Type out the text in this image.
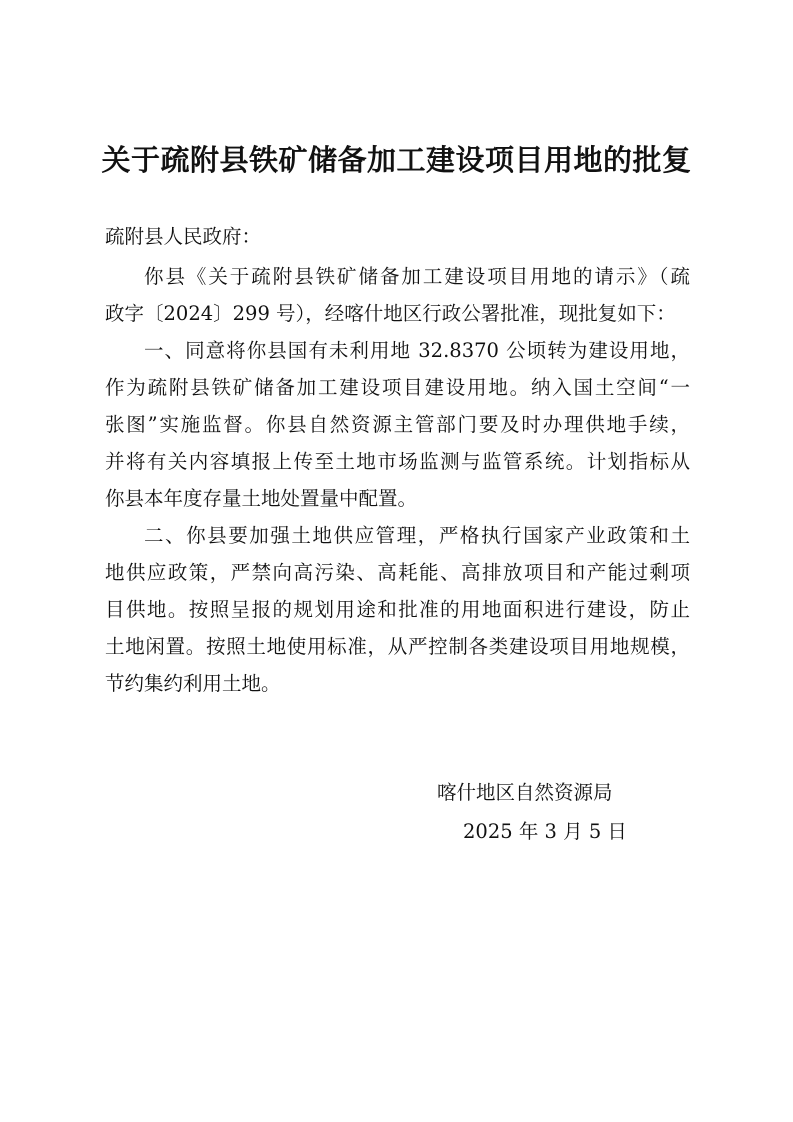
关于疏附县铁矿储备加工建设项目用地的批复
疏附县人民政府：
你县《关于疏附县铁矿储备加工建设项目用地的请示》（疏
政字〔2024〕299 号），经喀什地区行政公署批准，现批复如下：
一、同意将你县国有未利用地 32.8370 公顷转为建设用地，
作为疏附县铁矿储备加工建设项目建设用地。纳入国土空间“一
张图”实施监督。你县自然资源主管部门要及时办理供地手续，
并将有关内容填报上传至土地市场监测与监管系统。计划指标从
你县本年度存量土地处置量中配置。
二、你县要加强土地供应管理，严格执行国家产业政策和土
地供应政策，严禁向高污染、高耗能、高排放项目和产能过剩项
目供地。按照呈报的规划用途和批准的用地面积进行建设，防止
土地闲置。按照土地使用标准，从严控制各类建设项目用地规模，
节约集约利用土地。
喀什地区自然资源局
2025 年 3 月 5 日
